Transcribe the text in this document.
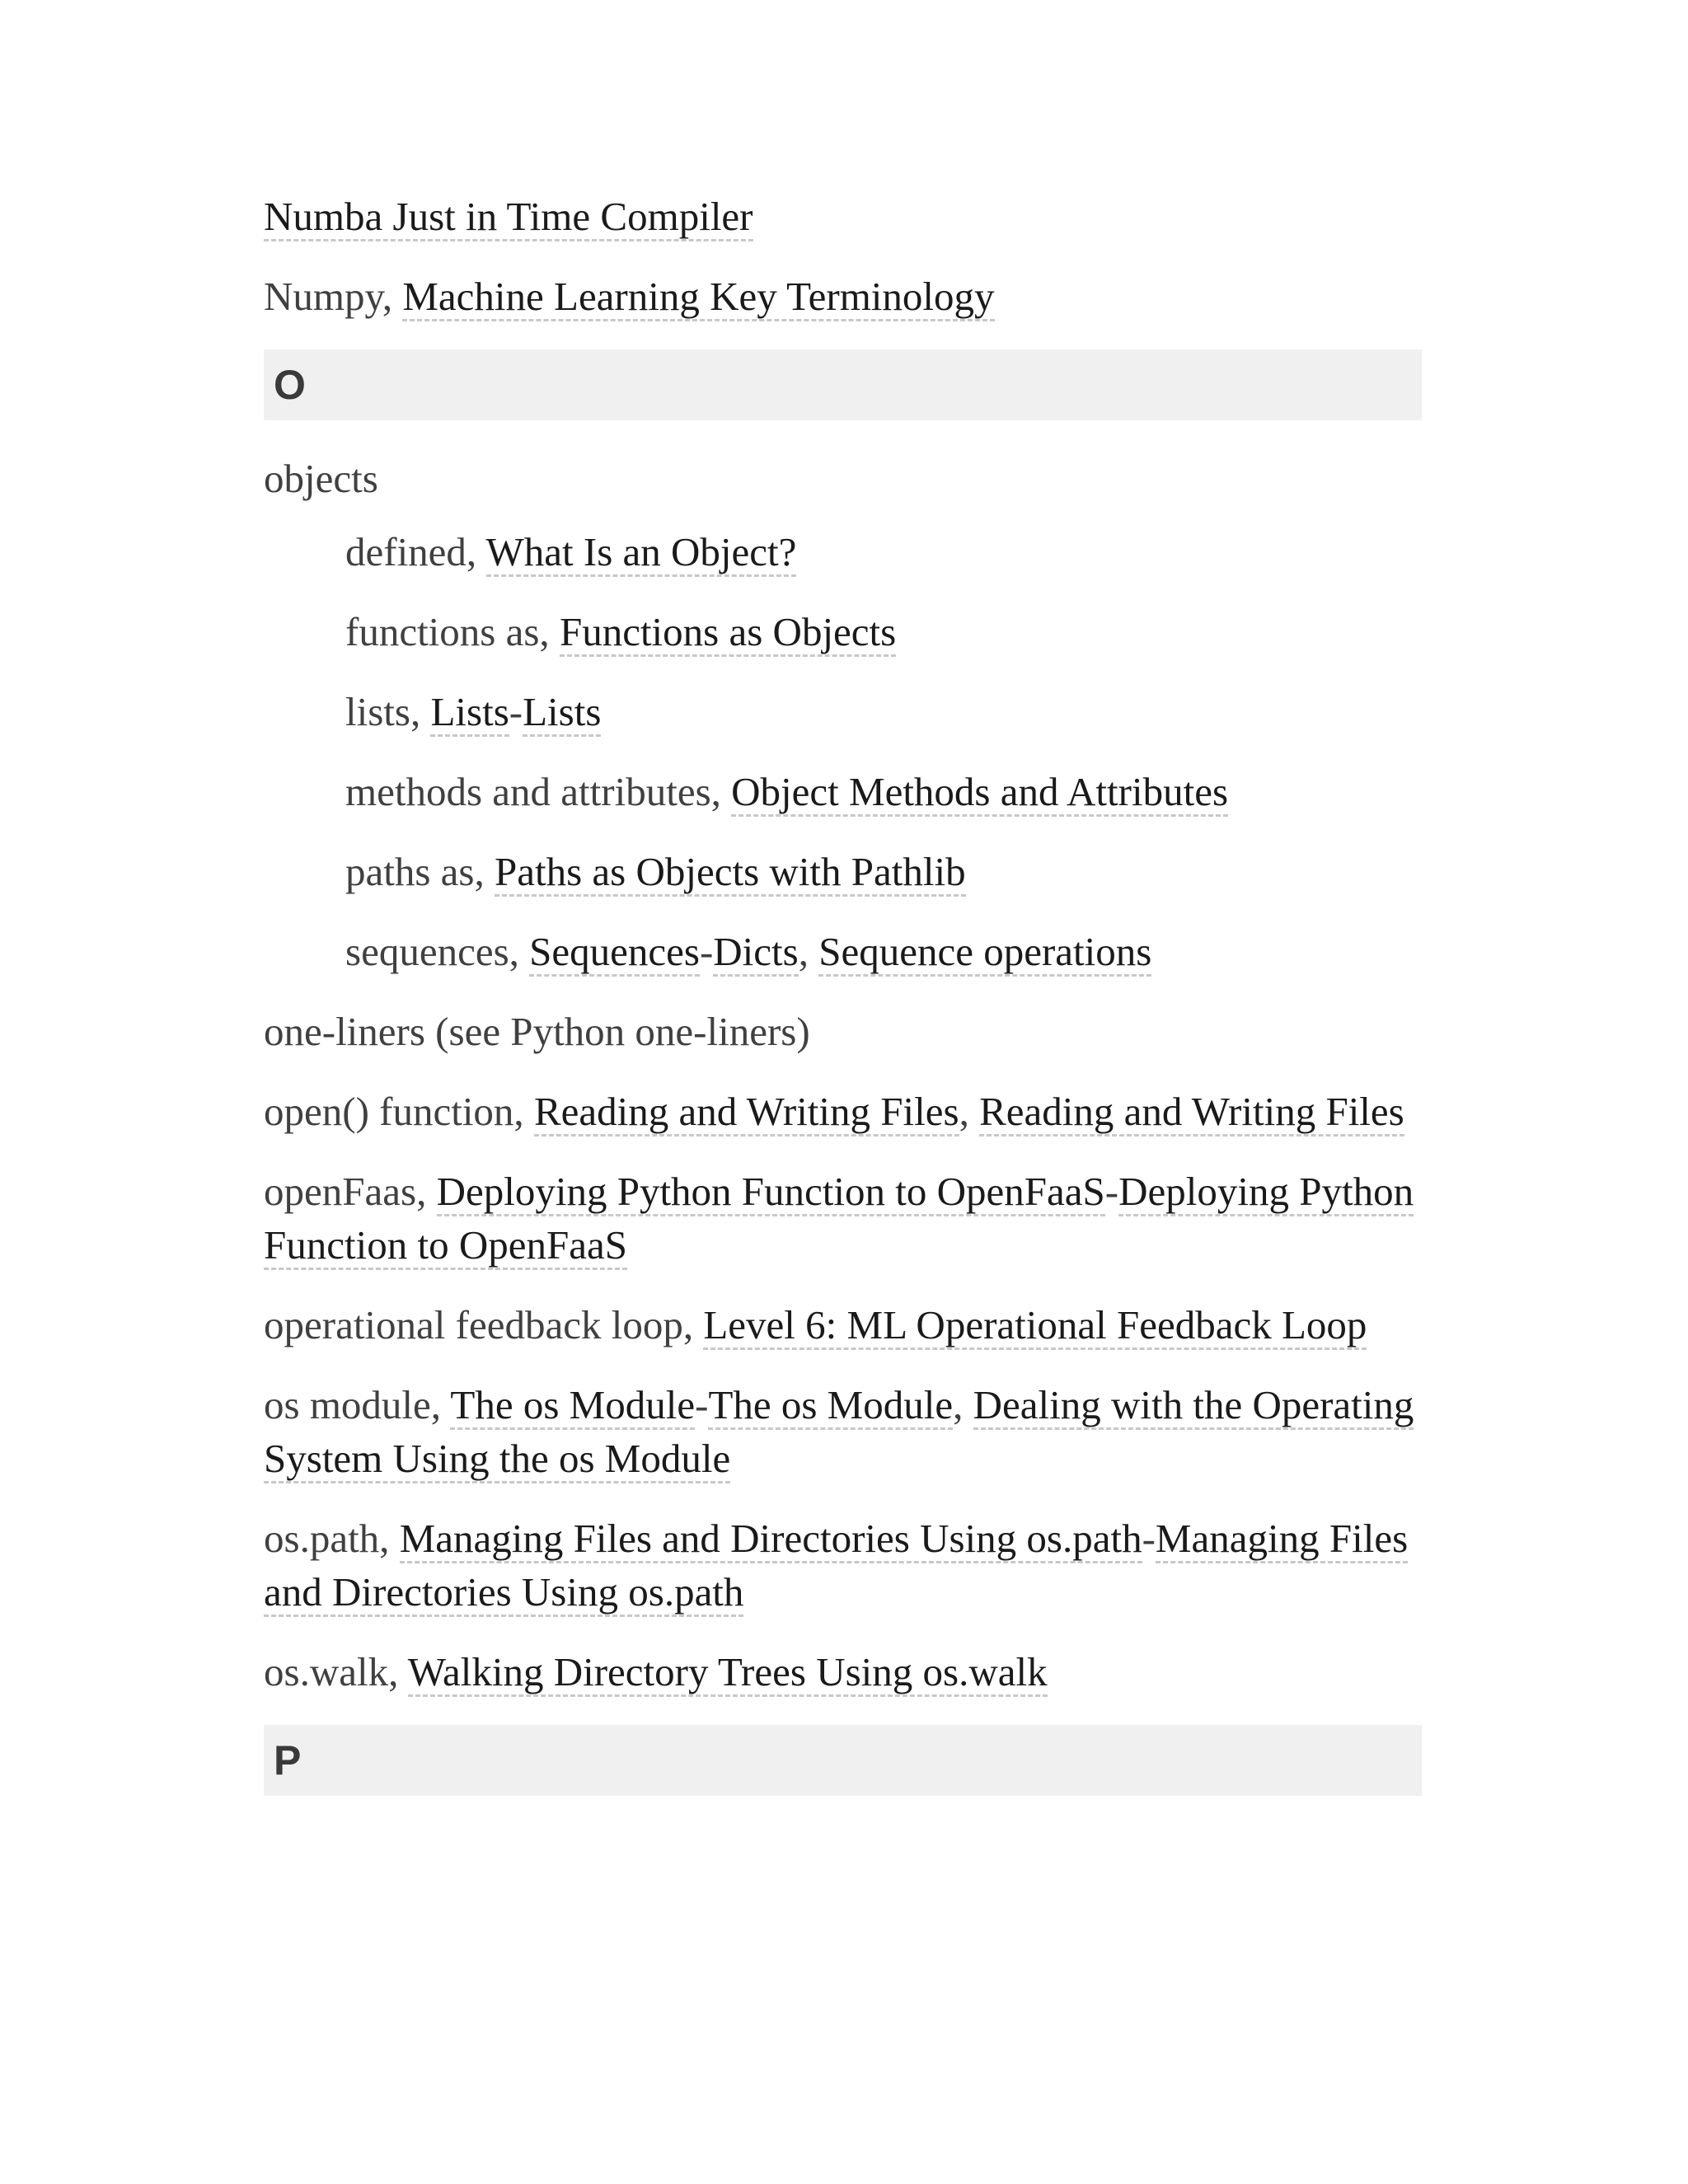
Numba Just in Time Compiler

Numpy, Machine Learning Key Terminology

O

objects

defined, What Is an Object?

functions as, Functions as Objects

lists, Lists-Lists

methods and attributes, Object Methods and Attributes

paths as, Paths as Objects with Pathlib

sequences, Sequences-Dicts, Sequence operations

one-liners (see Python one-liners)

open() function, Reading and Writing Files, Reading and Writing Files

openFaas, Deploying Python Function to OpenFaaS-Deploying Python Function to OpenFaaS

operational feedback loop, Level 6: ML Operational Feedback Loop

os module, The os Module-The os Module, Dealing with the Operating System Using the os Module

os.path, Managing Files and Directories Using os.path-Managing Files and Directories Using os.path

os.walk, Walking Directory Trees Using os.walk

P
